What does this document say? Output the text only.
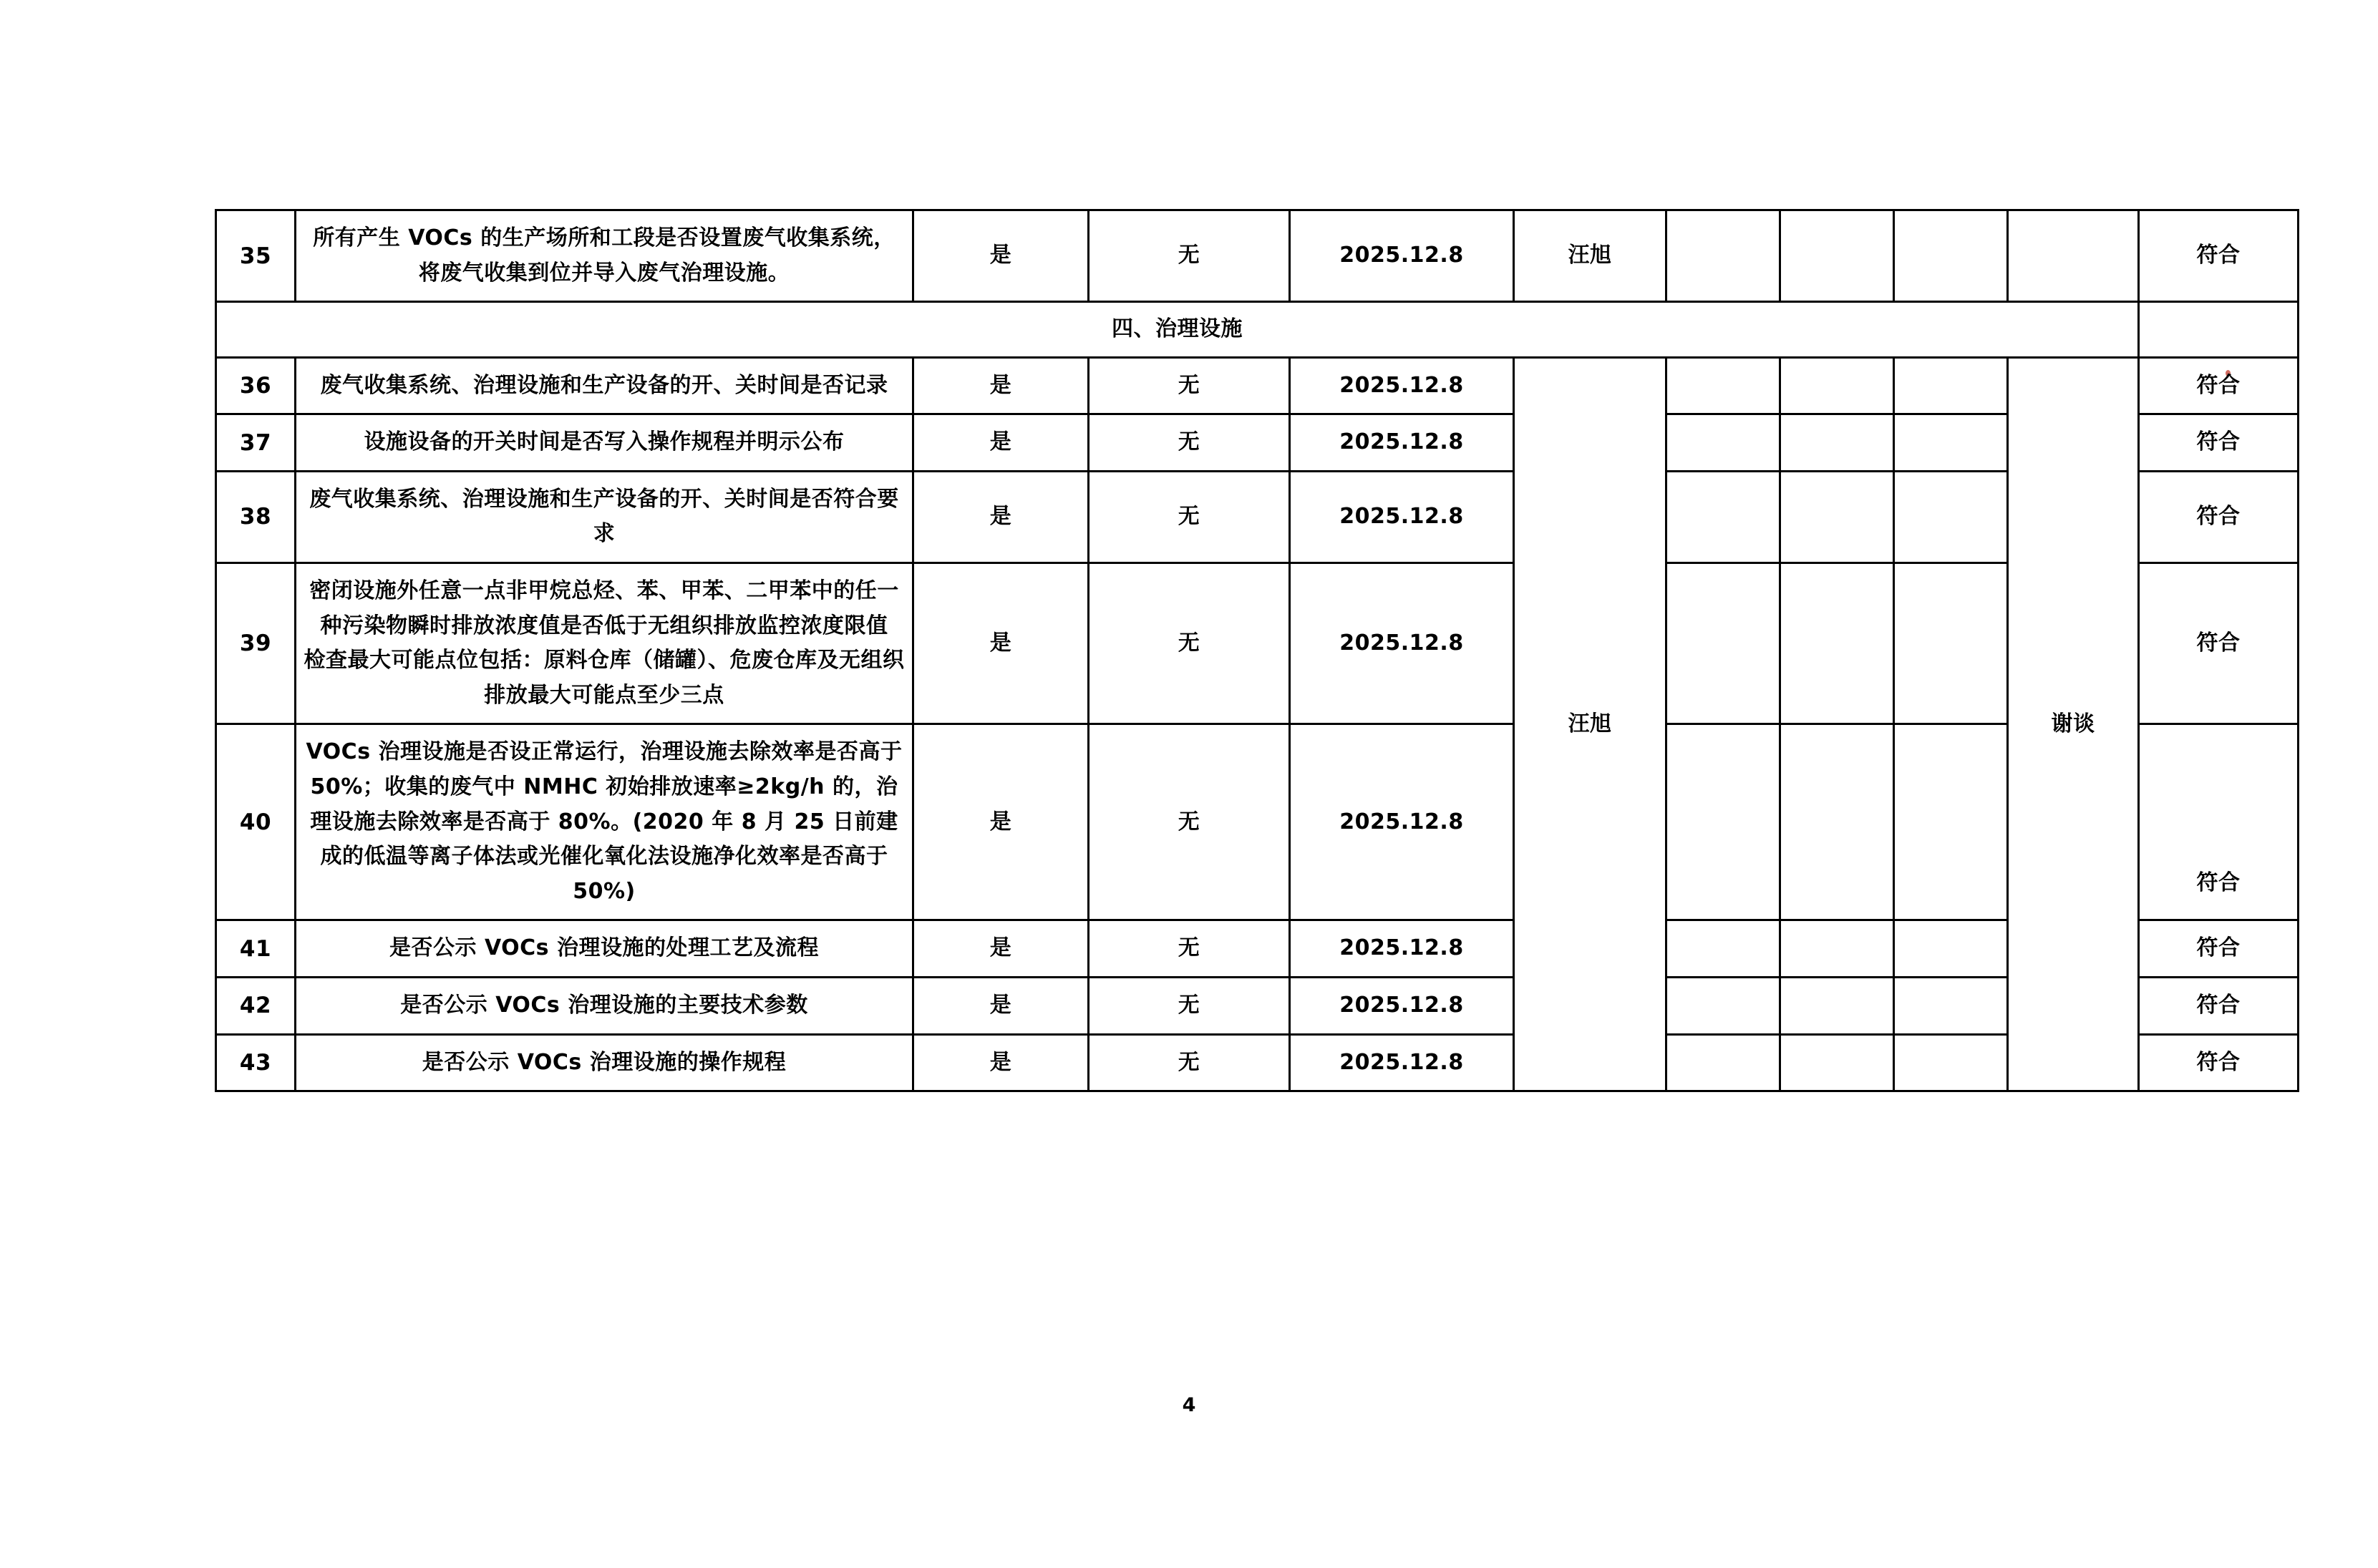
35	所有产生 VOCs 的生产场所和工段是否设置废气收集系统，将废气收集到位并导入废气治理设施。	是	无	2025.12.8	汪旭					符合
四、治理设施										
36	废气收集系统、治理设施和生产设备的开、关时间是否记录	是	无	2025.12.8	汪旭				谢谈	符合
37	设施设备的开关时间是否写入操作规程并明示公布	是	无	2025.12.8						符合
38	废气收集系统、治理设施和生产设备的开、关时间是否符合要求	是	无	2025.12.8						符合
39	密闭设施外任意一点非甲烷总烃、苯、甲苯、二甲苯中的任一种污染物瞬时排放浓度值是否低于无组织排放监控浓度限值
检查最大可能点位包括：原料仓库（储罐）、危废仓库及无组织排放最大可能点至少三点	是	无	2025.12.8						符合
40	VOCs 治理设施是否设正常运行，治理设施去除效率是否高于 50%；收集的废气中 NMHC 初始排放速率≥2kg/h 的，治理设施去除效率是否高于 80%。(2020 年 8 月 25 日前建成的低温等离子体法或光催化氧化法设施净化效率是否高于 50%)	是	无	2025.12.8						符合

41	是否公示 VOCs 治理设施的处理工艺及流程	是	无	2025.12.8						符合
42	是否公示 VOCs 治理设施的主要技术参数	是	无	2025.12.8						符合
43	是否公示 VOCs 治理设施的操作规程	是	无	2025.12.8						符合
4
